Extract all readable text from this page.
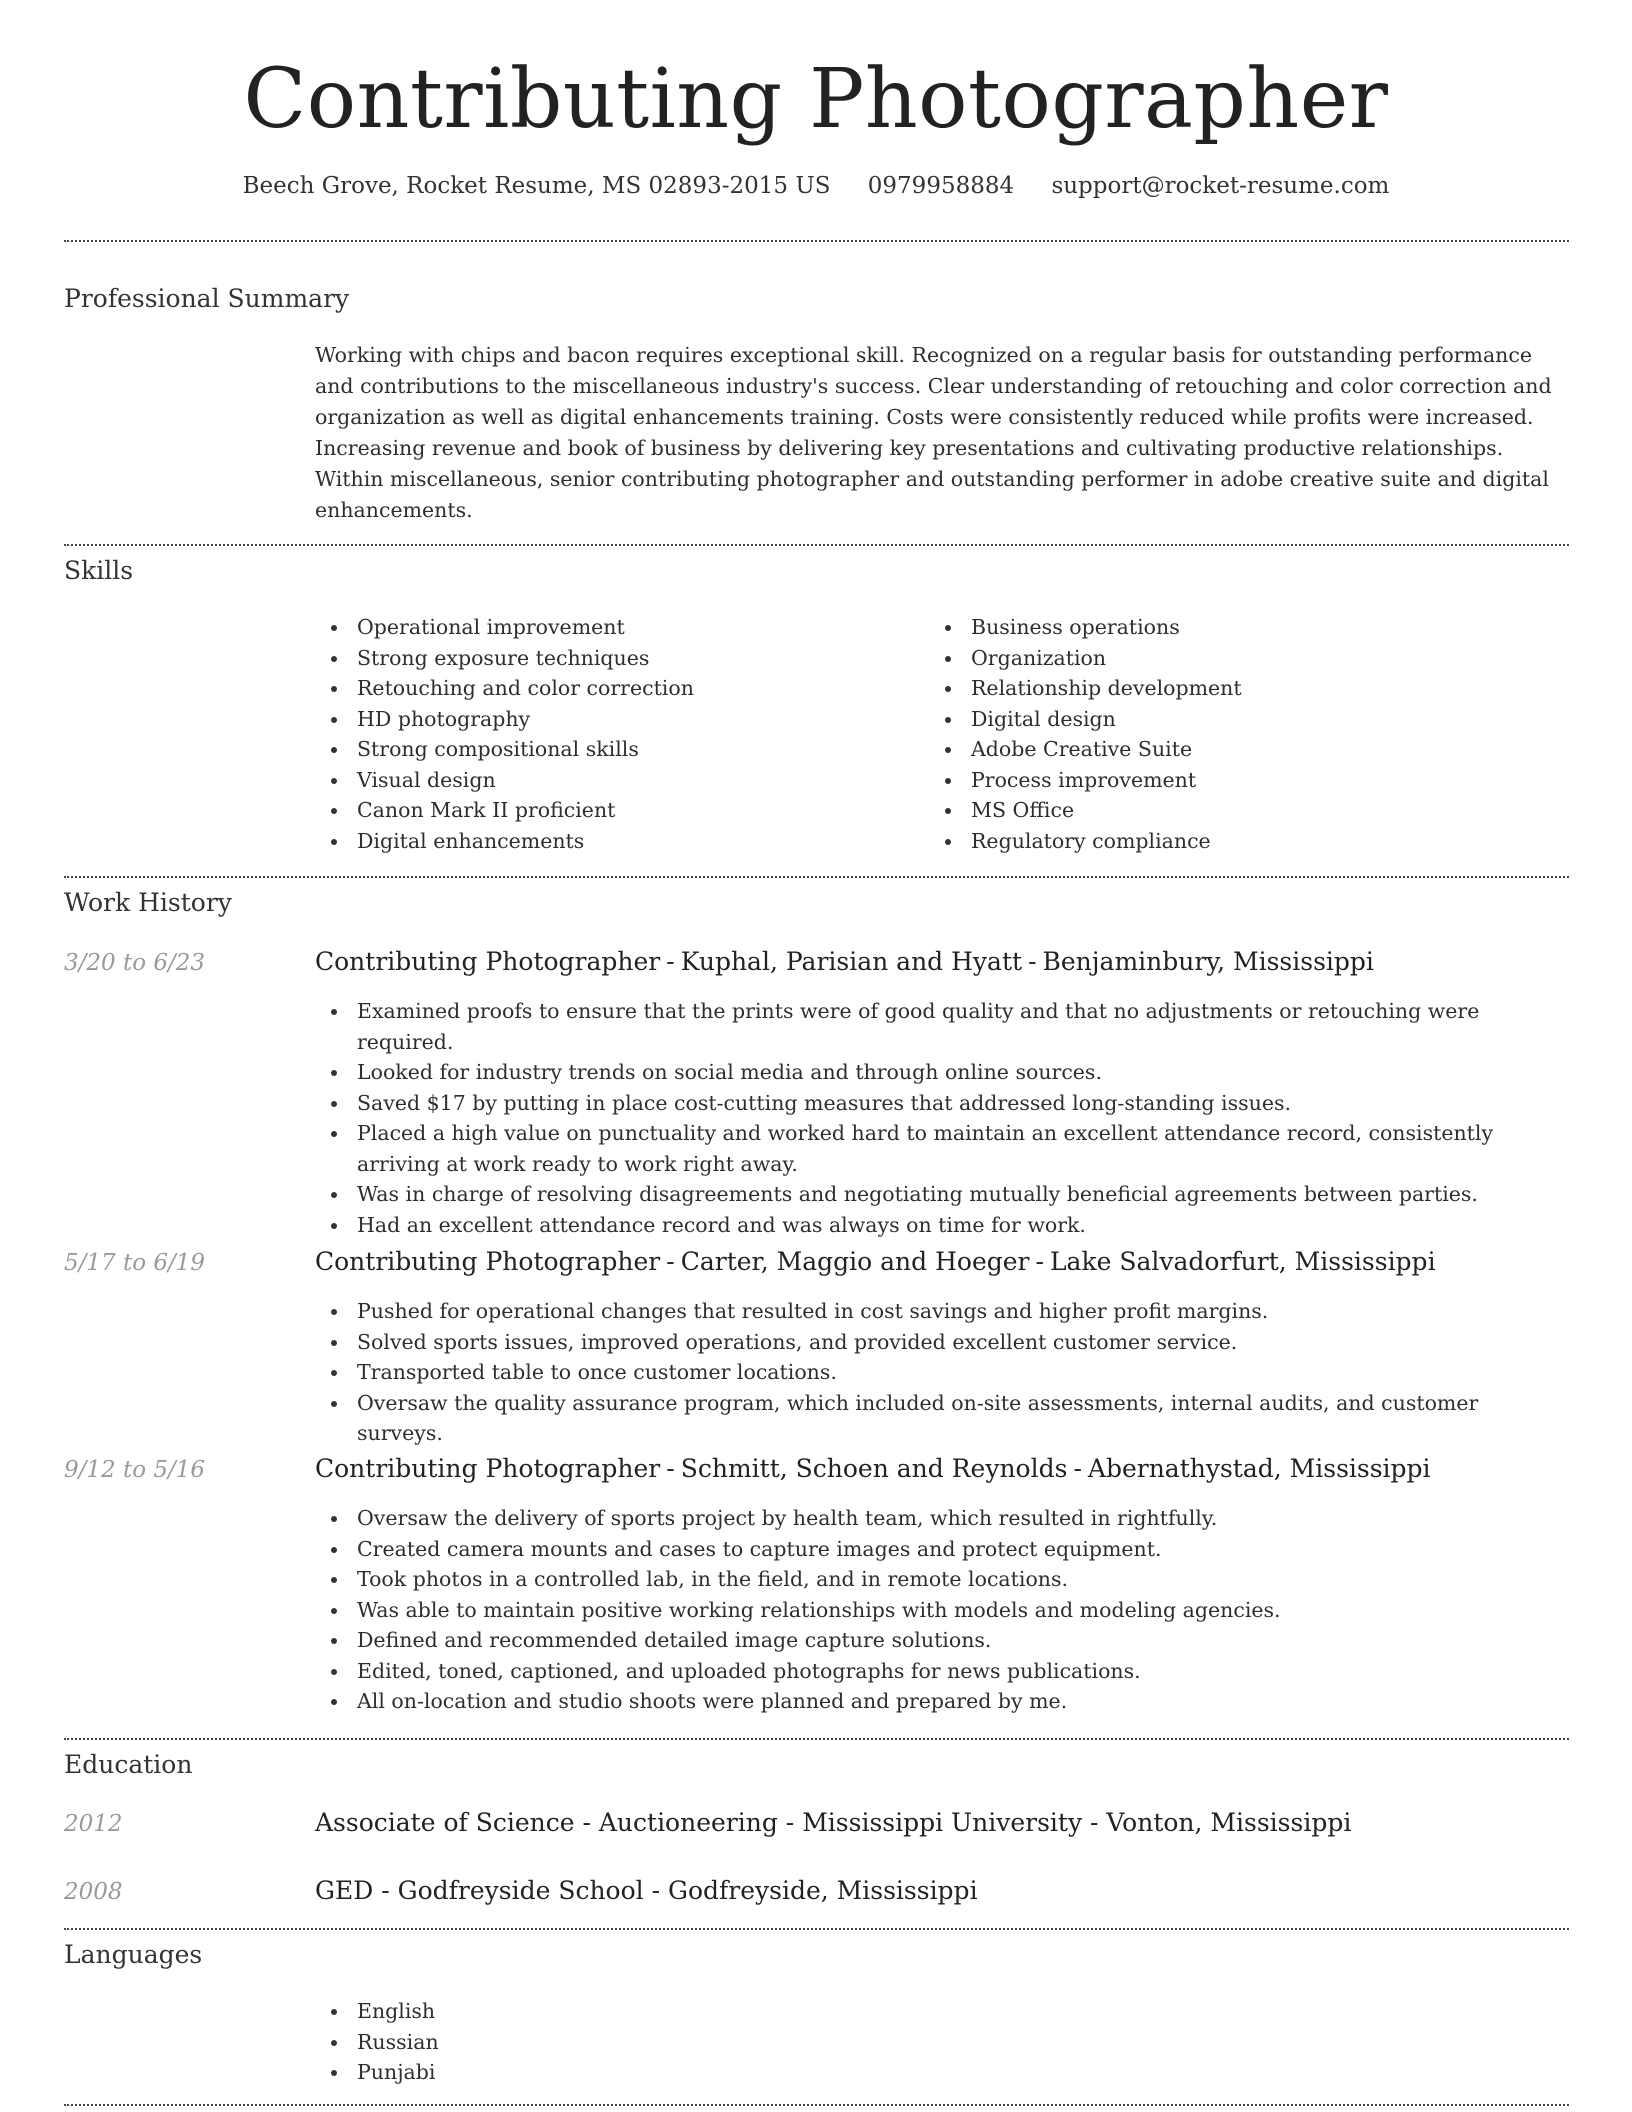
Contributing Photographer
Beech Grove, Rocket Resume, MS 02893-2015 US 0979958884 support@rocket-resume.com
Professional Summary

Working with chips and bacon requires exceptional skill. Recognized on a regular basis for outstanding performance and contributions to the miscellaneous industry's success. Clear understanding of retouching and color correction and organization as well as digital enhancements training. Costs were consistently reduced while profits were increased. Increasing revenue and book of business by delivering key presentations and cultivating productive relationships. Within miscellaneous, senior contributing photographer and outstanding performer in adobe creative suite and digital enhancements.

Skills
Operational improvement
Strong exposure techniques
Retouching and color correction
HD photography
Strong compositional skills
Visual design
Canon Mark II proficient
Digital enhancements
Business operations
Organization
Relationship development
Digital design
Adobe Creative Suite
Process improvement
MS Office
Regulatory compliance
Work History
3/20 to 6/23	Contributing Photographer - Kuphal, Parisian and Hyatt - Benjaminbury, Mississippi
Examined proofs to ensure that the prints were of good quality and that no adjustments or retouching were required.
Looked for industry trends on social media and through online sources.
Saved $17 by putting in place cost-cutting measures that addressed long-standing issues.
Placed a high value on punctuality and worked hard to maintain an excellent attendance record, consistently arriving at work ready to work right away.
Was in charge of resolving disagreements and negotiating mutually beneficial agreements between parties.
Had an excellent attendance record and was always on time for work.
5/17 to 6/19	Contributing Photographer - Carter, Maggio and Hoeger - Lake Salvadorfurt, Mississippi
Pushed for operational changes that resulted in cost savings and higher profit margins.
Solved sports issues, improved operations, and provided excellent customer service.
Transported table to once customer locations.
Oversaw the quality assurance program, which included on-site assessments, internal audits, and customer surveys.
9/12 to 5/16	Contributing Photographer - Schmitt, Schoen and Reynolds - Abernathystad, Mississippi
Oversaw the delivery of sports project by health team, which resulted in rightfully.
Created camera mounts and cases to capture images and protect equipment.
Took photos in a controlled lab, in the field, and in remote locations.
Was able to maintain positive working relationships with models and modeling agencies.
Defined and recommended detailed image capture solutions.
Edited, toned, captioned, and uploaded photographs for news publications.
All on-location and studio shoots were planned and prepared by me.
Education
2012	Associate of Science - Auctioneering - Mississippi University - Vonton, Mississippi
2008	GED - Godfreyside School - Godfreyside, Mississippi
Languages
English
Russian
Punjabi
